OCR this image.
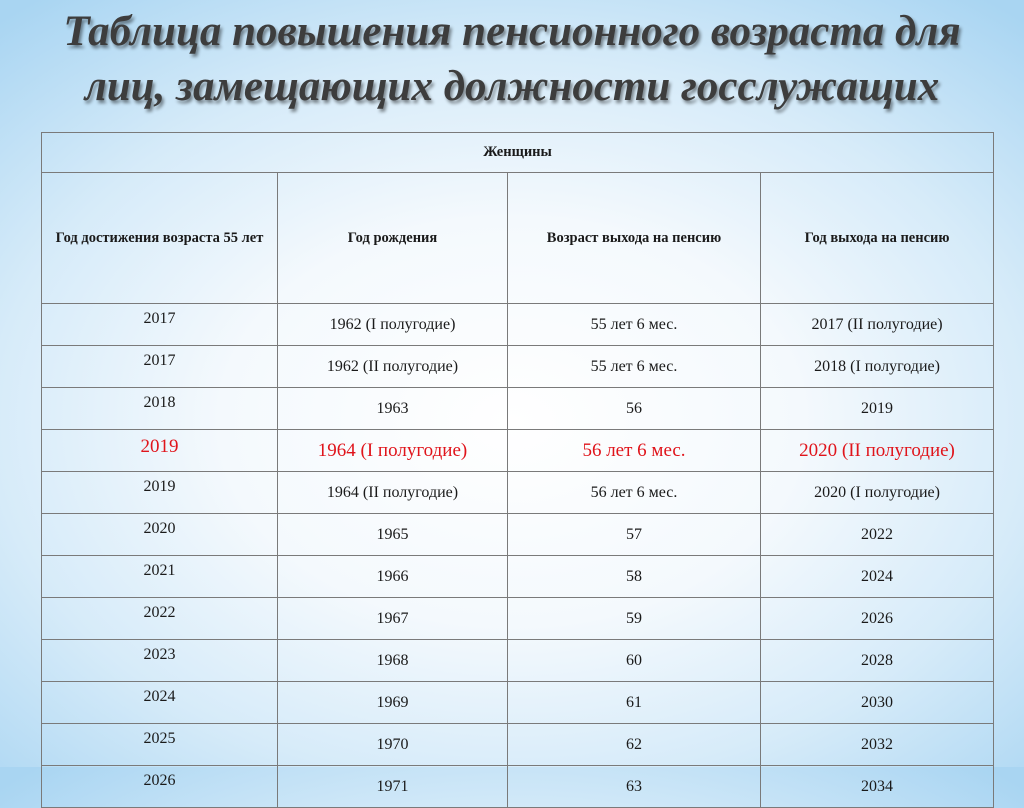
Таблица повышения пенсионного возраста для
лиц, замещающих должности госслужащих
Женщины			
Год достижения возраста 55 лет	Год рождения	Возраст выхода на пенсию	Год выхода на пенсию
2017	1962 (I полугодие)	55 лет 6 мес.	2017 (II полугодие)
2017	1962 (II полугодие)	55 лет 6 мес.	2018 (I полугодие)
2018	1963	56	2019
2019	1964 (I полугодие)	56 лет 6 мес.	2020 (II полугодие)
2019	1964 (II полугодие)	56 лет 6 мес.	2020 (I полугодие)
2020	1965	57	2022
2021	1966	58	2024
2022	1967	59	2026
2023	1968	60	2028
2024	1969	61	2030
2025	1970	62	2032
2026	1971	63	2034
